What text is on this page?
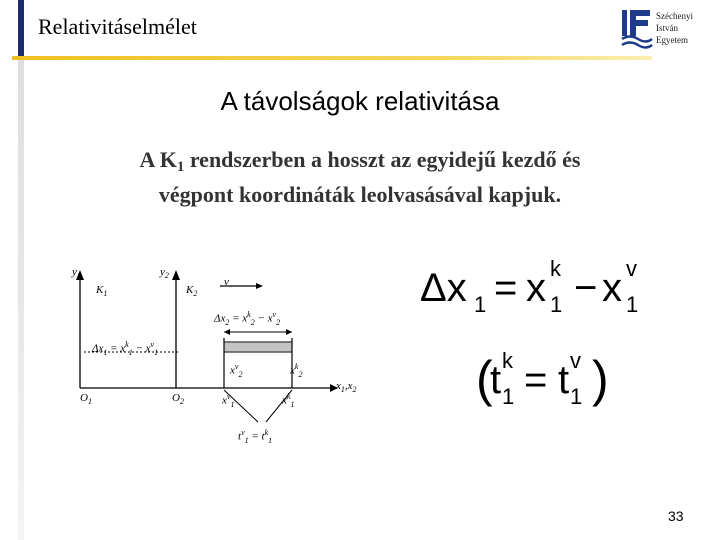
Relativitáselmélet	Széchenyi
István
Egyetem
A távolságok relativitása
A $K_1$ rendszerben a hosszt az egyidejű kezdő és
végpont koordináták leolvasásával kapjuk.
$y_1$	$y_2$
$K_1$	$K_2$
v
$O_1$	$O_2$
$x_1,x_2$
$\Delta x_2 = x^k_2 - x^v_2$
$\Delta x_1 = x^k_1 - x^v_1$
$x^v_2$	$x^k_2$
$x^v_1$	$x^k_1$
$t^v_1 = t^k_1$
Δx 1 = x k
1 − x v
1
(
t k
1 = t v
1 )
33
